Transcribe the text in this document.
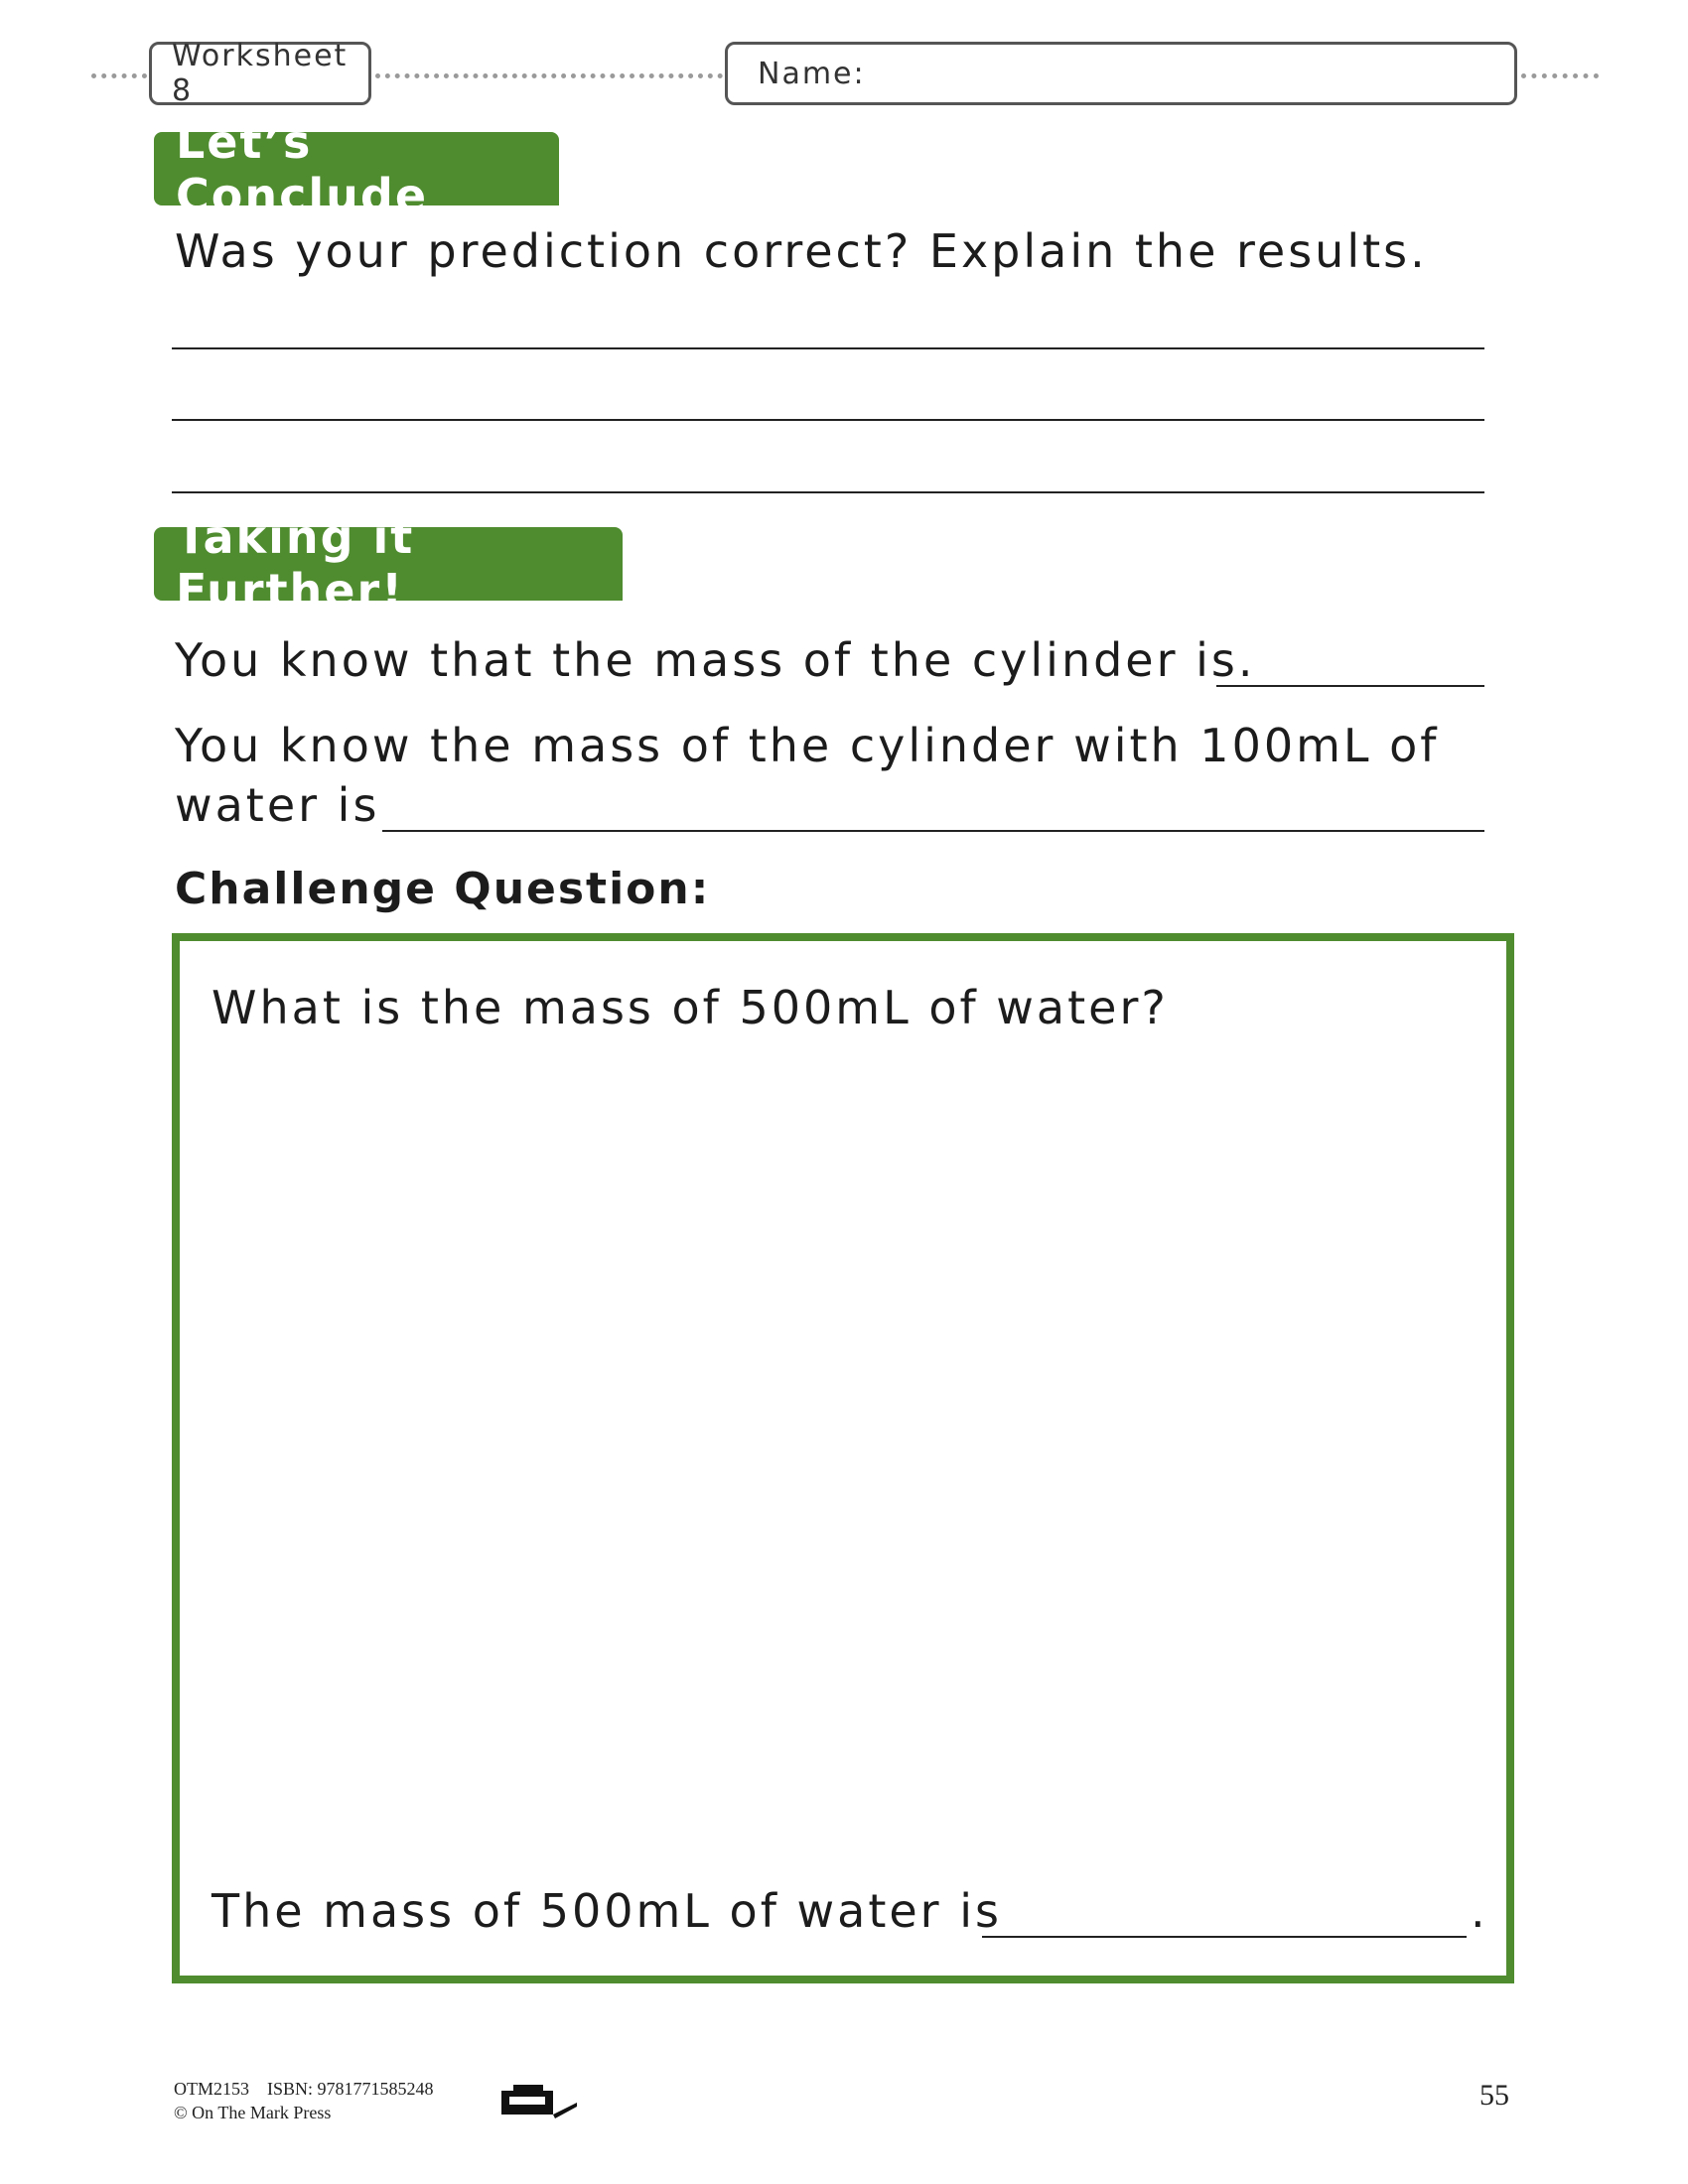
Worksheet 8	Name:
Let’s Conclude
Was your prediction correct? Explain the results.
Taking it Further!
You know that the mass of the cylinder is.
You know the mass of the cylinder with 100mL of
water is
Challenge Question:
What is the mass of 500mL of water?
The mass of 500mL of water is	.
OTM2153 ISBN: 9781771585248
© On The Mark Press
55
